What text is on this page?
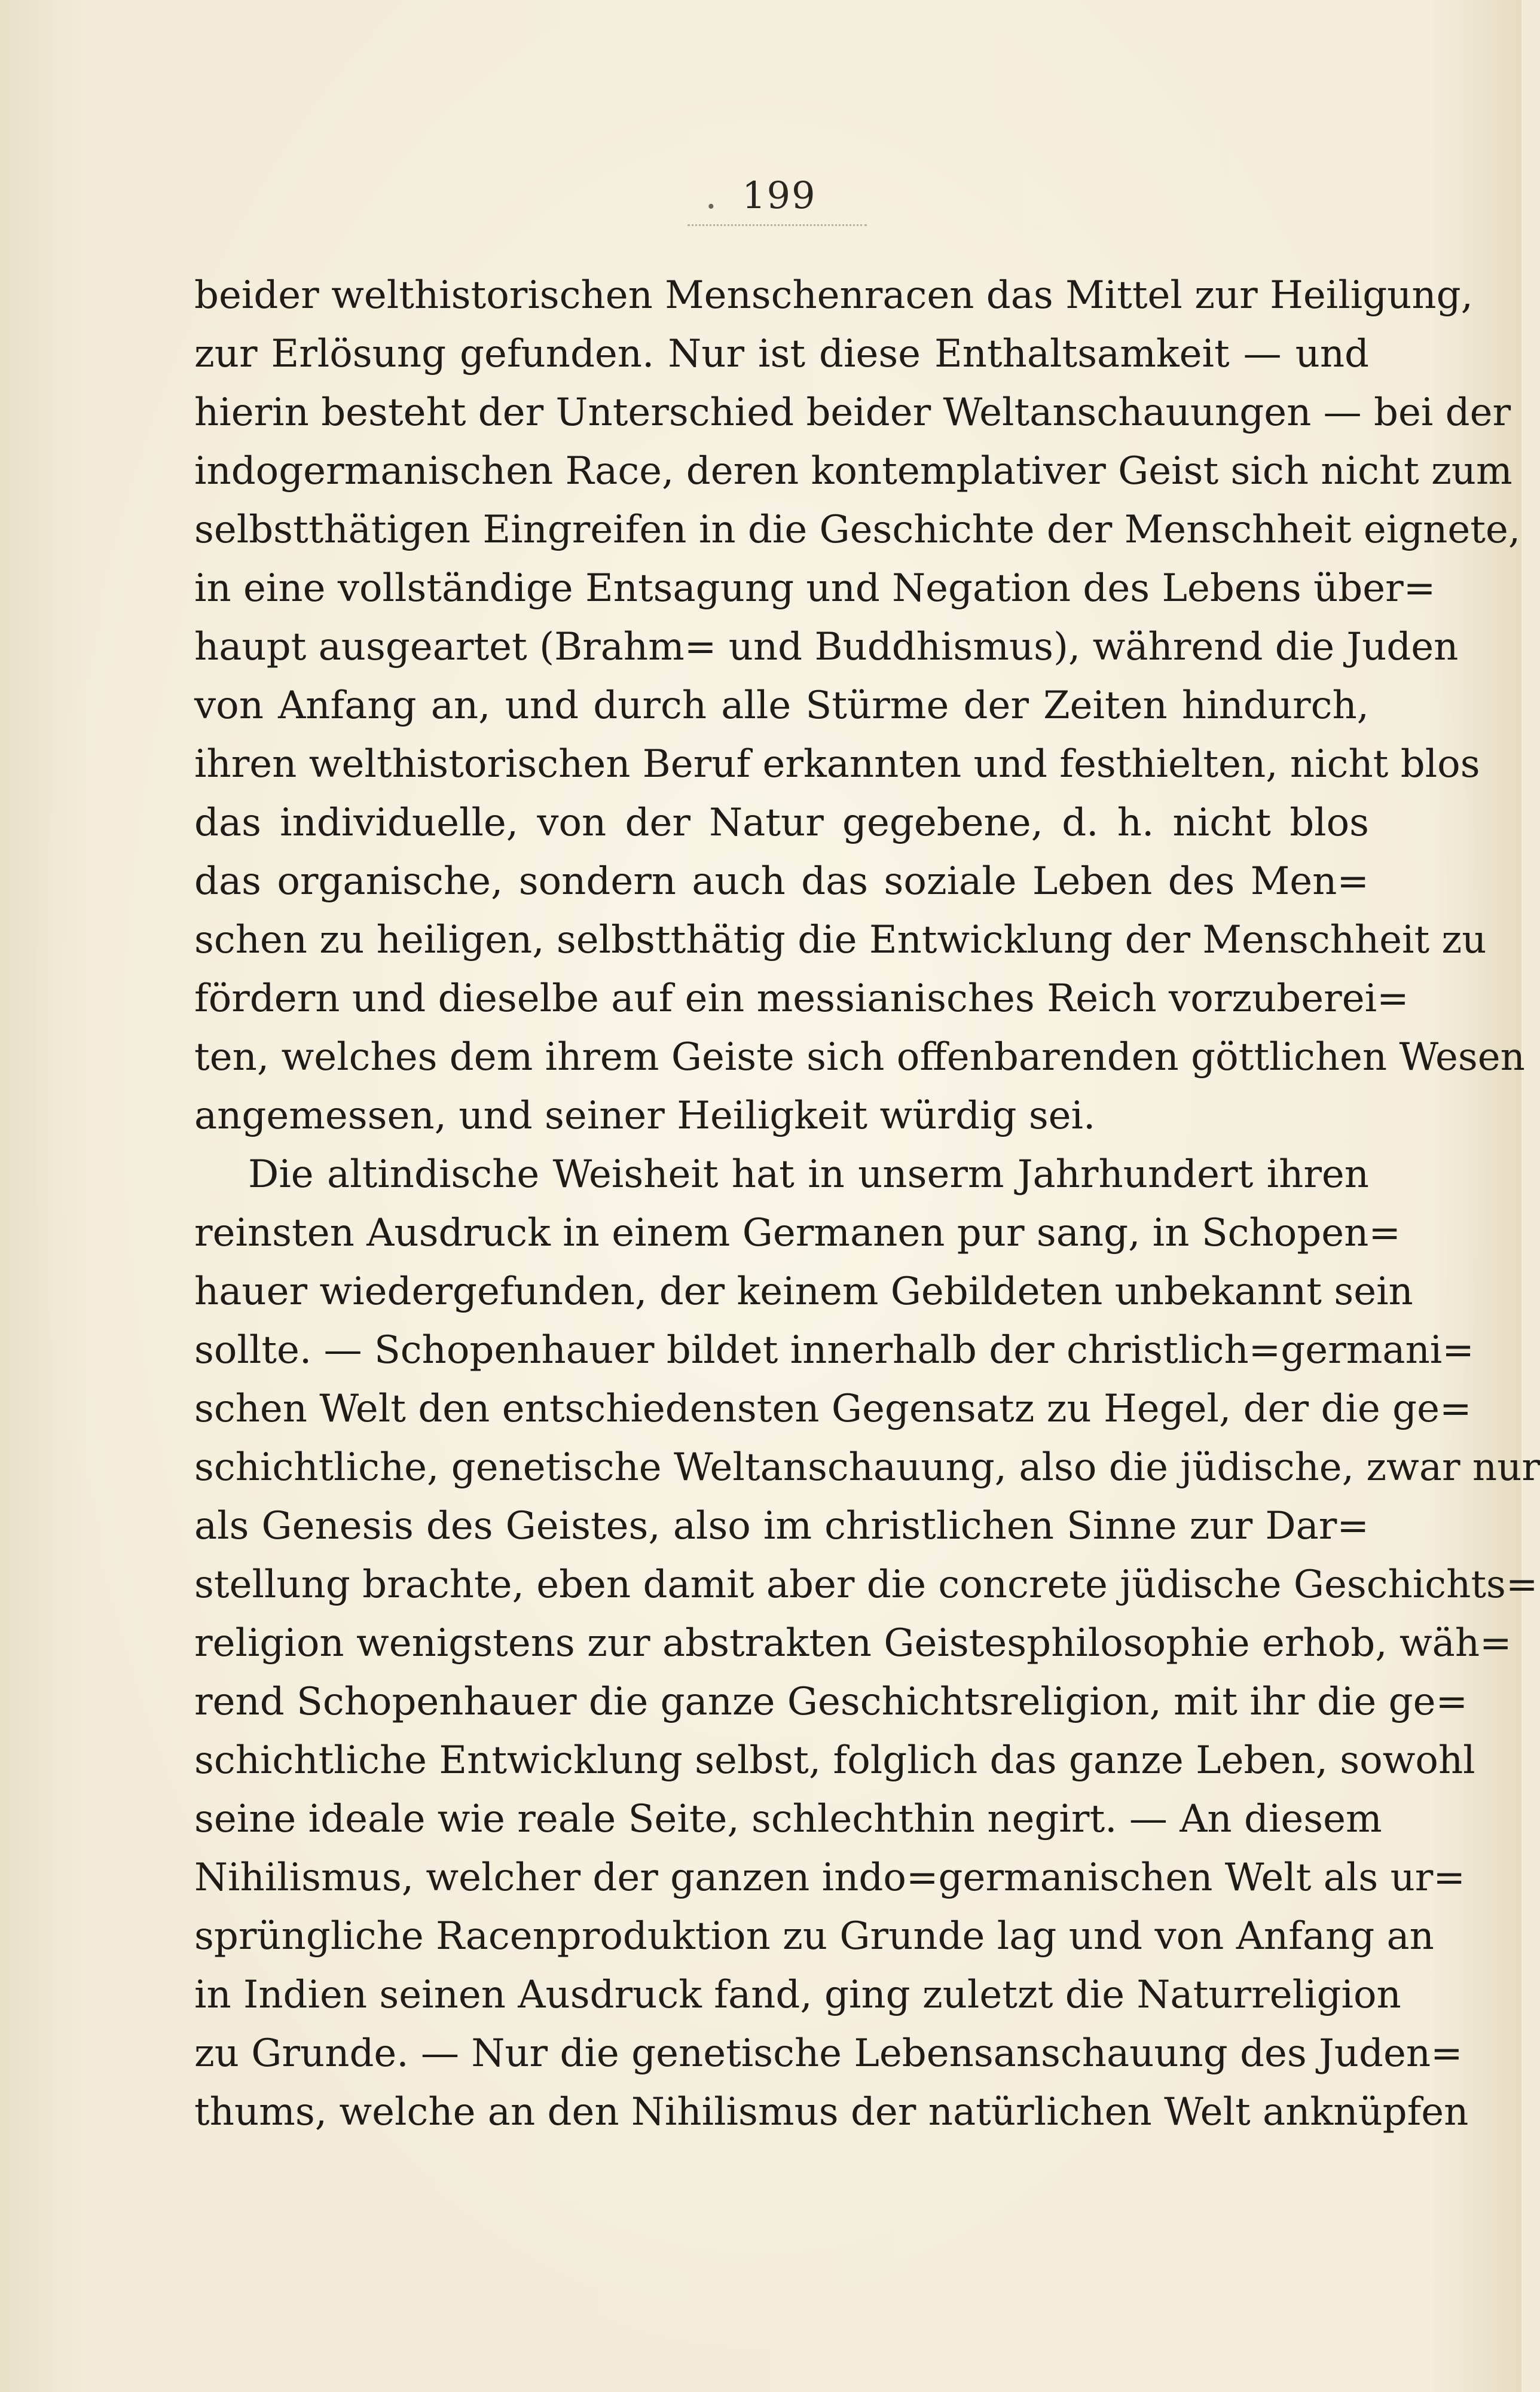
. 199
beider welthistorischen Menschenracen das Mittel zur Heiligung,
zur Erlösung gefunden. Nur ist diese Enthaltsamkeit — und
hierin besteht der Unterschied beider Weltanschauungen — bei der
indogermanischen Race, deren kontemplativer Geist sich nicht zum
selbstthätigen Eingreifen in die Geschichte der Menschheit eignete,
in eine vollständige Entsagung und Negation des Lebens über=
haupt ausgeartet (Brahm= und Buddhismus), während die Juden
von Anfang an, und durch alle Stürme der Zeiten hindurch,
ihren welthistorischen Beruf erkannten und festhielten, nicht blos
das individuelle, von der Natur gegebene, d. h. nicht blos
das organische, sondern auch das soziale Leben des Men=
schen zu heiligen, selbstthätig die Entwicklung der Menschheit zu
fördern und dieselbe auf ein messianisches Reich vorzuberei=
ten, welches dem ihrem Geiste sich offenbarenden göttlichen Wesen
angemessen, und seiner Heiligkeit würdig sei.
Die altindische Weisheit hat in unserm Jahrhundert ihren
reinsten Ausdruck in einem Germanen pur sang, in Schopen=
hauer wiedergefunden, der keinem Gebildeten unbekannt sein
sollte. — Schopenhauer bildet innerhalb der christlich=germani=
schen Welt den entschiedensten Gegensatz zu Hegel, der die ge=
schichtliche, genetische Weltanschauung, also die jüdische, zwar nur
als Genesis des Geistes, also im christlichen Sinne zur Dar=
stellung brachte, eben damit aber die concrete jüdische Geschichts=
religion wenigstens zur abstrakten Geistesphilosophie erhob, wäh=
rend Schopenhauer die ganze Geschichtsreligion, mit ihr die ge=
schichtliche Entwicklung selbst, folglich das ganze Leben, sowohl
seine ideale wie reale Seite, schlechthin negirt. — An diesem
Nihilismus, welcher der ganzen indo=germanischen Welt als ur=
sprüngliche Racenproduktion zu Grunde lag und von Anfang an
in Indien seinen Ausdruck fand, ging zuletzt die Naturreligion
zu Grunde. — Nur die genetische Lebensanschauung des Juden=
thums, welche an den Nihilismus der natürlichen Welt anknüpfen
